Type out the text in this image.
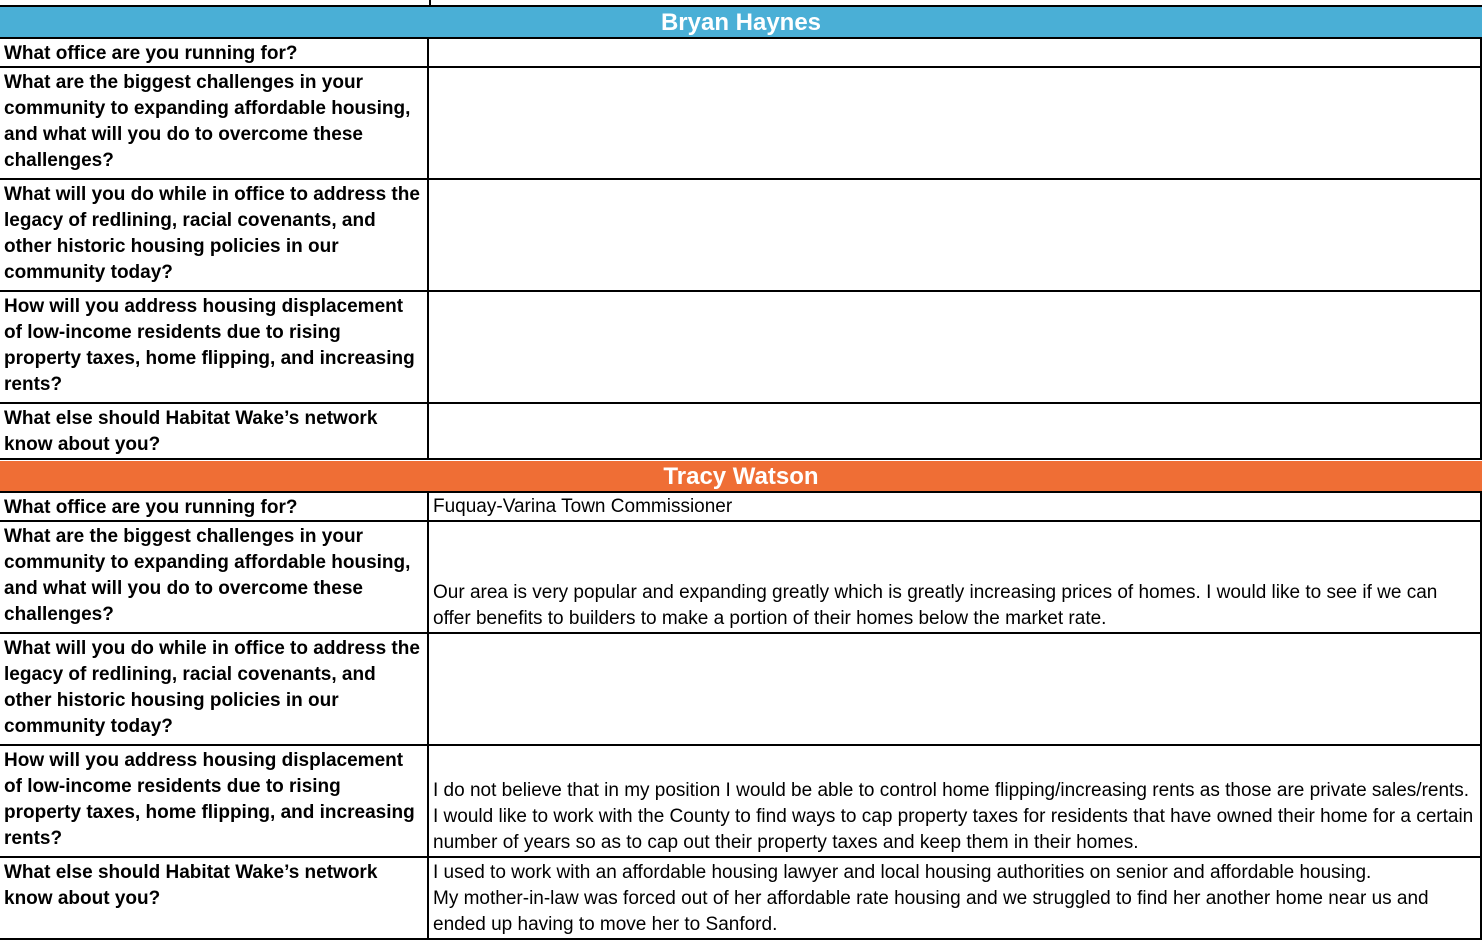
Bryan Haynes
What office are you running for?
What are the biggest challenges in your community to expanding affordable housing, and what will you do to overcome these challenges?
What will you do while in office to address the legacy of redlining, racial covenants, and other historic housing policies in our community today?
How will you address housing displacement of low-income residents due to rising property taxes, home flipping, and increasing rents?
What else should Habitat Wake’s network know about you?
Tracy Watson
What office are you running for?	Fuquay-Varina Town Commissioner

What are the biggest challenges in your community to expanding affordable housing, and what will you do to overcome these challenges?

Our area is very popular and expanding greatly which is greatly increasing prices of homes. I would like to see if we can offer benefits to builders to make a portion of their homes below the market rate.

What will you do while in office to address the legacy of redlining, racial covenants, and other historic housing policies in our community today?
How will you address housing displacement of low-income residents due to rising property taxes, home flipping, and increasing rents?

I do not believe that in my position I would be able to control home flipping/increasing rents as those are private sales/rents.

I would like to work with the County to find ways to cap property taxes for residents that have owned their home for a certain number of years so as to cap out their property taxes and keep them in their homes.

What else should Habitat Wake’s network know about you?

I used to work with an affordable housing lawyer and local housing authorities on senior and affordable housing.

My mother-in-law was forced out of her affordable rate housing and we struggled to find her another home near us and ended up having to move her to Sanford.
